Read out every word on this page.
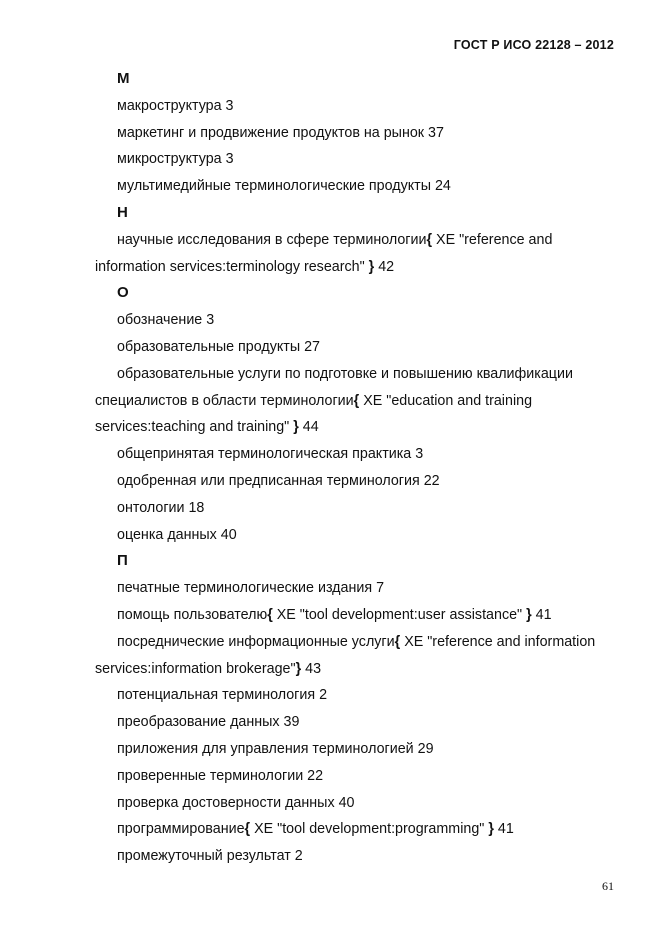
ГОСТ Р ИСО 22128 – 2012
М
макроструктура 3
маркетинг и продвижение продуктов на рынок 37
микроструктура 3
мультимедийные терминологические продукты 24
Н
научные исследования в сфере терминологии{ XE "reference and information services:terminology research" } 42
О
обозначение 3
образовательные продукты 27
образовательные услуги по подготовке и повышению квалификации специалистов в области терминологии{ XE "education and training services:teaching and training" } 44
общепринятая терминологическая практика 3
одобренная или предписанная терминология 22
онтологии 18
оценка данных 40
П
печатные терминологические издания 7
помощь пользователю{ XE "tool development:user assistance" } 41
посреднические информационные услуги{ XE "reference and information services:information brokerage"} 43
потенциальная терминология 2
преобразование данных 39
приложения для управления терминологией 29
проверенные терминологии 22
проверка достоверности данных 40
программирование{ XE "tool development:programming" } 41
промежуточный результат 2
61
